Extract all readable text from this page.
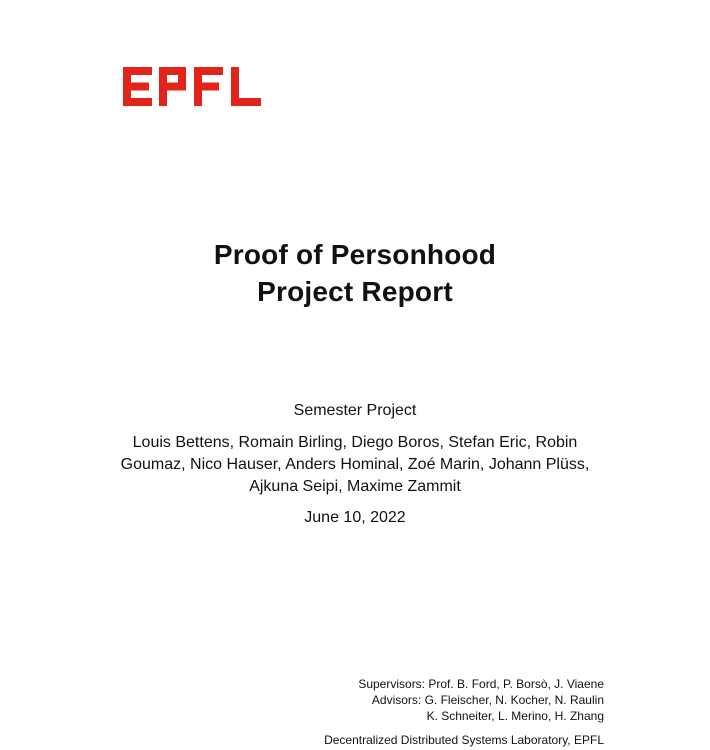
Proof of Personhood
Project Report
Semester Project
Louis Bettens, Romain Birling, Diego Boros, Stefan Eric, Robin Goumaz, Nico Hauser, Anders Hominal, Zoé Marin, Johann Plüss, Ajkuna Seipi, Maxime Zammit
June 10, 2022
Supervisors: Prof. B. Ford, P. Borsò, J. Viaene
Advisors: G. Fleischer, N. Kocher, N. Raulin
K. Schneiter, L. Merino, H. Zhang
Decentralized Distributed Systems Laboratory, EPFL
